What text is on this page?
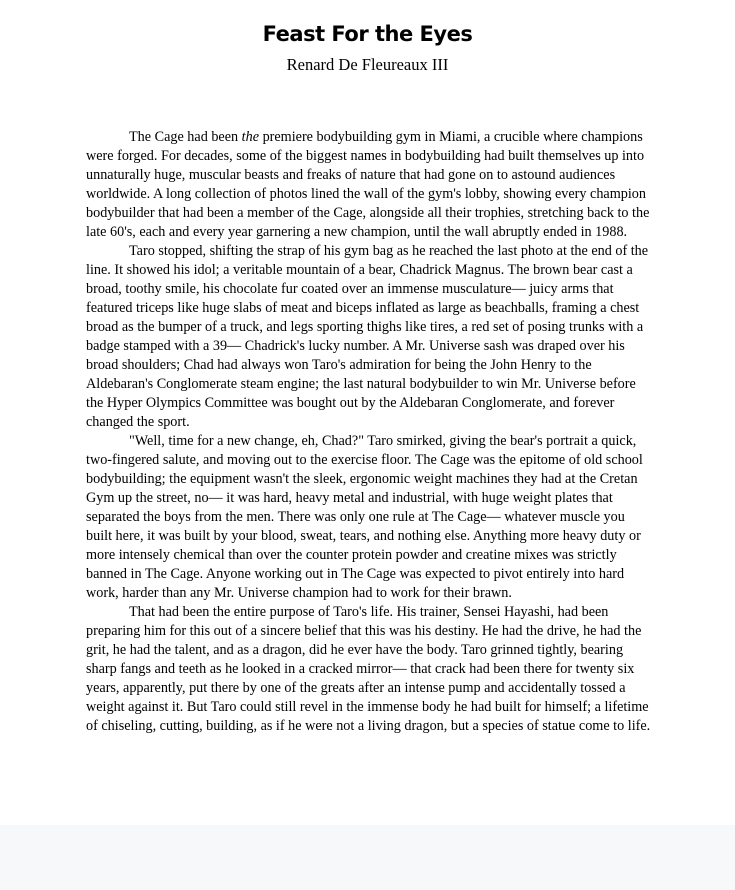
Feast For the Eyes
Renard De Fleureaux III

The Cage had been the premiere bodybuilding gym in Miami, a crucible where champions were forged. For decades, some of the biggest names in bodybuilding had built themselves up into unnaturally huge, muscular beasts and freaks of nature that had gone on to astound audiences worldwide. A long collection of photos lined the wall of the gym's lobby, showing every champion bodybuilder that had been a member of the Cage, alongside all their trophies, stretching back to the late 60's, each and every year garnering a new champion, until the wall abruptly ended in 1988.

Taro stopped, shifting the strap of his gym bag as he reached the last photo at the end of the line. It showed his idol; a veritable mountain of a bear, Chadrick Magnus. The brown bear cast a broad, toothy smile, his chocolate fur coated over an immense musculature— juicy arms that featured triceps like huge slabs of meat and biceps inflated as large as beachballs, framing a chest broad as the bumper of a truck, and legs sporting thighs like tires, a red set of posing trunks with a badge stamped with a 39— Chadrick's lucky number. A Mr. Universe sash was draped over his broad shoulders; Chad had always won Taro's admiration for being the John Henry to the Aldebaran's Conglomerate steam engine; the last natural bodybuilder to win Mr. Universe before the Hyper Olympics Committee was bought out by the Aldebaran Conglomerate, and forever changed the sport.

"Well, time for a new change, eh, Chad?" Taro smirked, giving the bear's portrait a quick, two-fingered salute, and moving out to the exercise floor. The Cage was the epitome of old school bodybuilding; the equipment wasn't the sleek, ergonomic weight machines they had at the Cretan Gym up the street, no— it was hard, heavy metal and industrial, with huge weight plates that separated the boys from the men. There was only one rule at The Cage— whatever muscle you built here, it was built by your blood, sweat, tears, and nothing else. Anything more heavy duty or more intensely chemical than over the counter protein powder and creatine mixes was strictly banned in The Cage. Anyone working out in The Cage was expected to pivot entirely into hard work, harder than any Mr. Universe champion had to work for their brawn.

That had been the entire purpose of Taro's life. His trainer, Sensei Hayashi, had been preparing him for this out of a sincere belief that this was his destiny. He had the drive, he had the grit, he had the talent, and as a dragon, did he ever have the body. Taro grinned tightly, bearing sharp fangs and teeth as he looked in a cracked mirror— that crack had been there for twenty six years, apparently, put there by one of the greats after an intense pump and accidentally tossed a weight against it. But Taro could still revel in the immense body he had built for himself; a lifetime of chiseling, cutting, building, as if he were not a living dragon, but a species of statue come to life.
